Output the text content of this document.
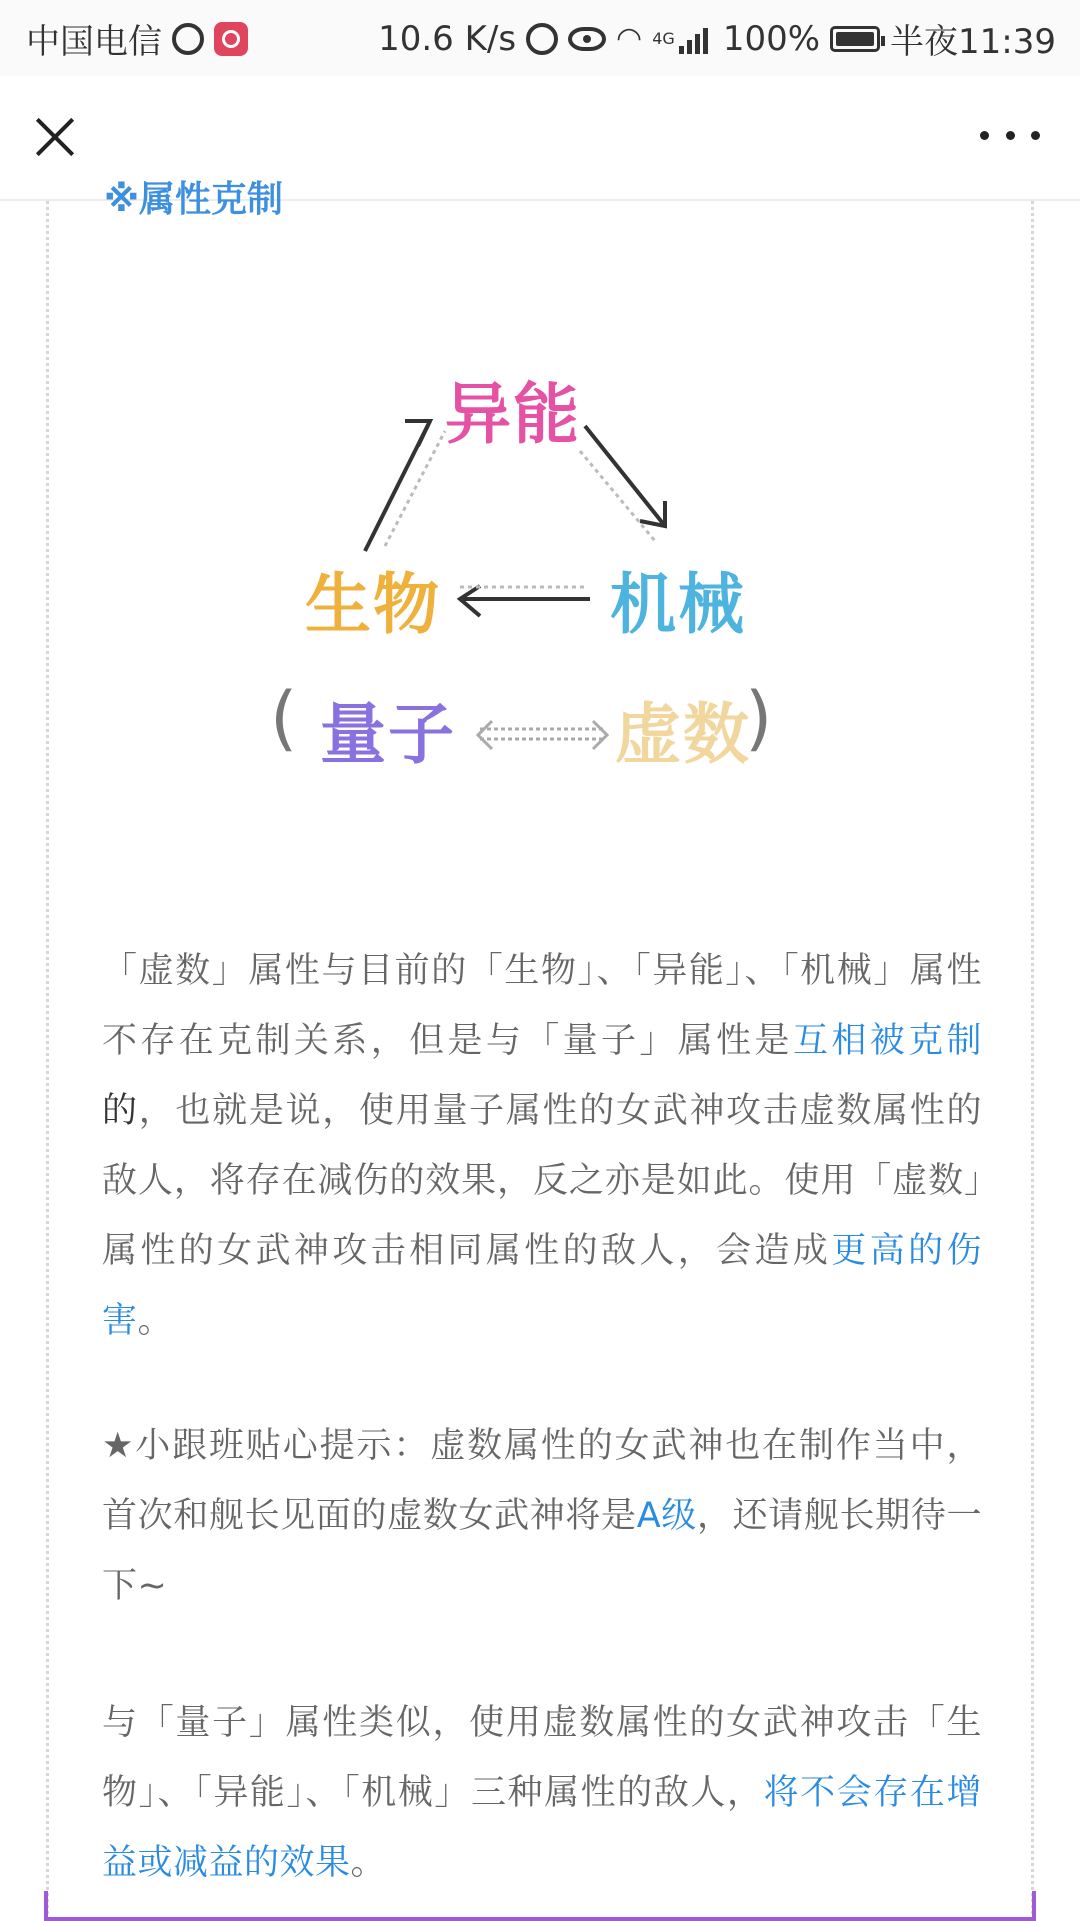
中国电信	10.6 K/s	◠ 4G 100% 半夜11:39
※属性克制
异能
生物	机械
( 量子 虚数
)
「虚数」属性与目前的「生物」、「异能」、「机械」属性不存在克制关系，但是与「量子」属性是互相被克制的，也就是说，使用量子属性的女武神攻击虚数属性的敌人，将存在减伤的效果，反之亦是如此。使用「虚数」属性的女武神攻击相同属性的敌人，会造成更高的伤害。
★小跟班贴心提示：虚数属性的女武神也在制作当中，首次和舰长见面的虚数女武神将是A级，还请舰长期待一下~
与「量子」属性类似，使用虚数属性的女武神攻击「生物」、「异能」、「机械」三种属性的敌人，将不会存在增益或减益的效果。
